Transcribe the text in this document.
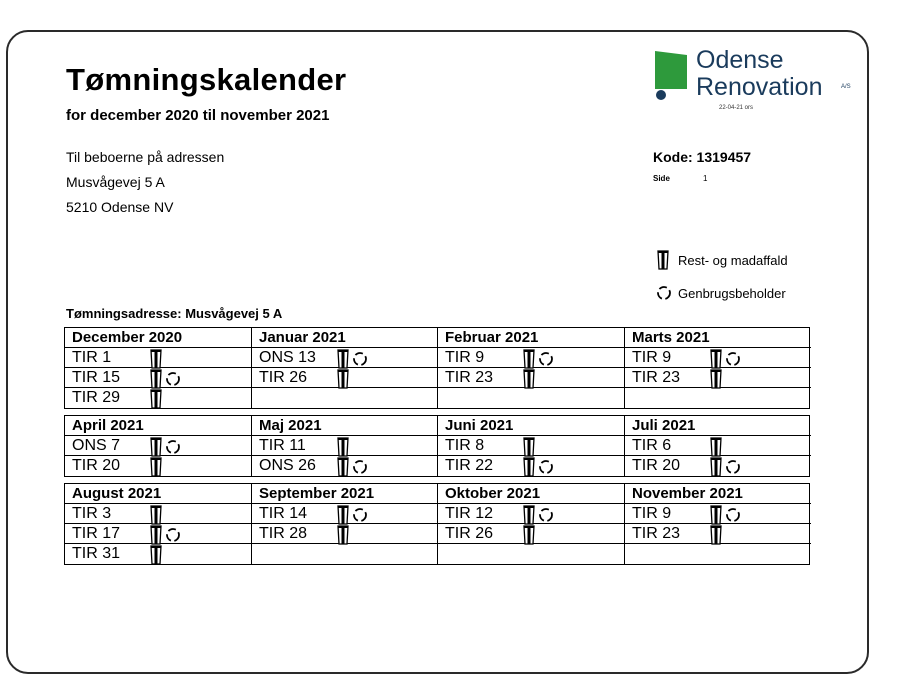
Tømningskalender
for december 2020 til november 2021
Til beboerne på adressen
Musvågevej 5 A
5210 Odense NV
Odense
Renovation	A/S
22-04-21 ors
Kode: 1319457
Side	1
Rest- og madaffald
Genbrugsbeholder
Tømningsadresse: Musvågevej 5 A
December 2020	Januar 2021	Februar 2021	Marts 2021
TIR 1	ONS 13	TIR 9	TIR 9
TIR 15	TIR 26	TIR 23	TIR 23
TIR 29
April 2021	Maj 2021	Juni 2021	Juli 2021
ONS 7	TIR 11	TIR 8	TIR 6
TIR 20	ONS 26	TIR 22	TIR 20
August 2021	September 2021	Oktober 2021	November 2021
TIR 3	TIR 14	TIR 12	TIR 9
TIR 17	TIR 28	TIR 26	TIR 23
TIR 31
